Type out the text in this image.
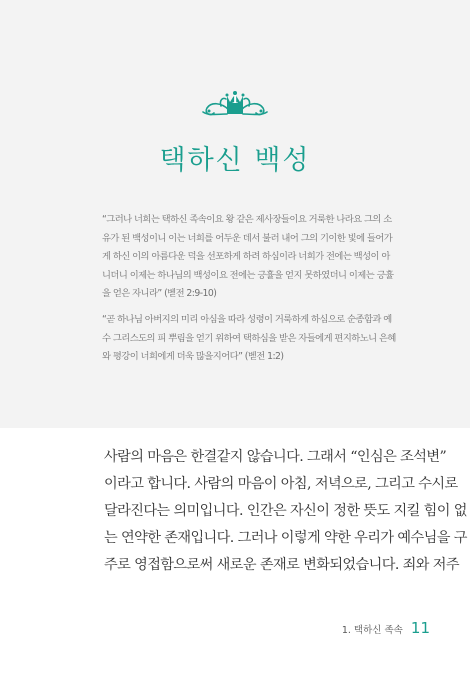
1
택하신 백성
“그러나 너희는 택하신 족속이요 왕 같은 제사장들이요 거룩한 나라요 그의 소
유가 된 백성이니 이는 너희를 어두운 데서 불러 내어 그의 기이한 빛에 들어가
게 하신 이의 아름다운 덕을 선포하게 하려 하심이라 너희가 전에는 백성이 아
니더니 이제는 하나님의 백성이요 전에는 긍휼을 얻지 못하였더니 이제는 긍휼
을 얻은 자니라” (벧전 2:9-10)
“곧 하나님 아버지의 미리 아심을 따라 성령이 거룩하게 하심으로 순종함과 예
수 그리스도의 피 뿌림을 얻기 위하여 택하심을 받은 자들에게 편지하노니 은혜
와 평강이 너희에게 더욱 많을지어다” (벧전 1:2)
사람의 마음은 한결같지 않습니다. 그래서 “인심은 조석변”
이라고 합니다. 사람의 마음이 아침, 저녁으로, 그리고 수시로
달라진다는 의미입니다. 인간은 자신이 정한 뜻도 지킬 힘이 없
는 연약한 존재입니다. 그러나 이렇게 약한 우리가 예수님을 구
주로 영접함으로써 새로운 존재로 변화되었습니다. 죄와 저주
1. 택하신 족속 11
